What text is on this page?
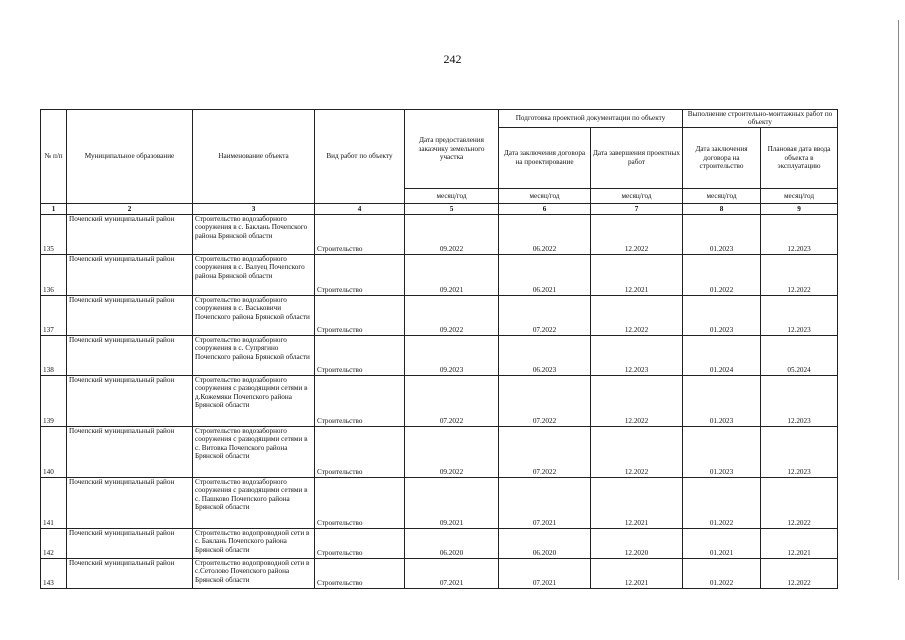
242
№ п/п	Муниципальное образование	Наименование объекта	Вид работ по объекту	Дата предоставления заказчику земельного участка	Подготовка проектной документации по объекту		Выполнение строительно-монтажных работ по объекту	
					Дата заключения договора на проектирование	Дата завершения проектных работ	Дата заключения договора на строительство	Плановая дата ввода объекта в эксплуатацию
				месяц/год	месяц/год	месяц/год	месяц/год	месяц/год
1	2	3	4	5	6	7	8	9
135	Почепский муниципальный район	Строительство водозаборного сооружения в с. Баклань Почепского района Брянской области	Строительство	09.2022	06.2022	12.2022	01.2023	12.2023
136	Почепский муниципальный район	Строительство водозаборного сооружения в с. Валуец Почепского района Брянской области	Строительство	09.2021	06.2021	12.2021	01.2022	12.2022
137	Почепский муниципальный район	Строительство водозаборного сооружения в с. Васьковичи Почепского района Брянской области	Строительство	09.2022	07.2022	12.2022	01.2023	12.2023
138	Почепский муниципальный район	Строительство водозаборного сооружения в с. Супрягино Почепского района Брянской области	Строительство	09.2023	06.2023	12.2023	01.2024	05.2024
139	Почепский муниципальный район	Строительство водозаборного сооружения с разводящими сетями в д.Кожемяки Почепского района Брянской области	Строительство	07.2022	07.2022	12.2022	01.2023	12.2023
140	Почепский муниципальный район	Строительство водозаборного сооружения с разводящими сетями в с. Витовка Почепского района Брянской области	Строительство	09.2022	07.2022	12.2022	01.2023	12.2023
141	Почепский муниципальный район	Строительство водозаборного сооружения с разводящими сетями в с. Пашково Почепского района Брянской области	Строительство	09.2021	07.2021	12.2021	01.2022	12.2022
142	Почепский муниципальный район	Строительство водопроводной сети в с. Баклань Почепского района Брянской области	Строительство	06.2020	06.2020	12.2020	01.2021	12.2021
143	Почепский муниципальный район	Строительство водопроводной сети в с.Сетолово Почепского района Брянской области	Строительство	07.2021	07.2021	12.2021	01.2022	12.2022
